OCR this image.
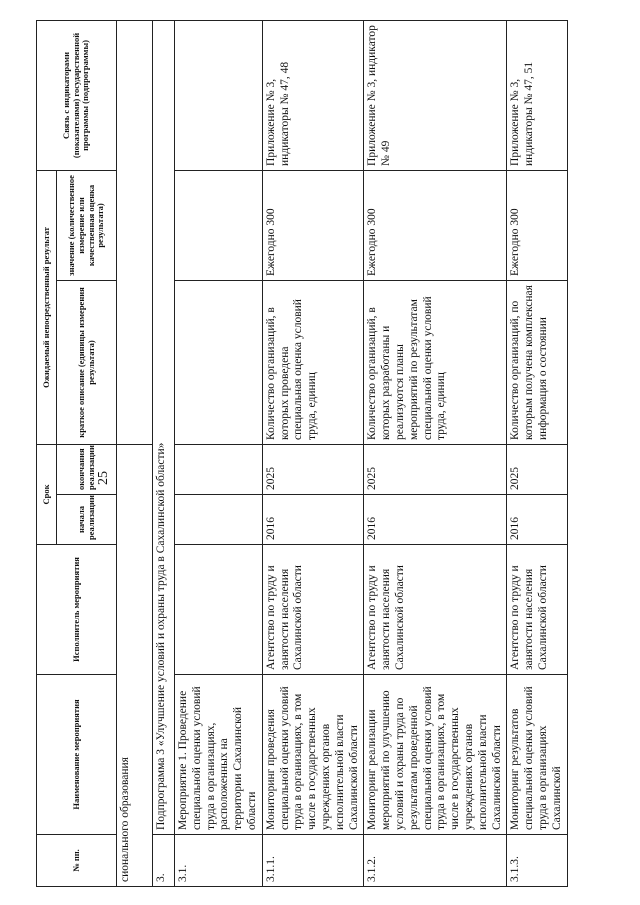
25
№ пп.	Наименование мероприятия	Исполнитель мероприятия	Срок		Ожидаемый непосредственный результат		Связь с индикаторами (показателями) государственной программы (подпрограммы)
			начала реализации	окончания реализации	краткое описание (единицы измерения результата)	значение (количественное измерение или качественная оценка результата)	
сионального образования							
3.	Подпрограмма 3 «Улучшение условий и охраны труда в Сахалинской области»						
3.1.	Мероприятие 1. Проведение специальной оценки условий труда в организациях, расположенных на территории Сахалинской области						
3.1.1.	Мониторинг проведения специальной оценки условий труда в организациях, в том числе в государственных учреждениях органов исполнительной власти Сахалинской области	Агентство по труду и занятости населения Сахалинской области	2016	2025	Количество организаций, в которых проведена специальная оценка условий труда, единиц	Ежегодно 300	Приложение № 3, индикаторы № 47, 48
3.1.2.	Мониторинг реализации мероприятий по улучшению условий и охраны труда по результатам проведенной специальной оценки условий труда в организациях, в том числе в государственных учреждениях органов исполнительной власти Сахалинской области	Агентство по труду и занятости населения Сахалинской области	2016	2025	Количество организаций, в которых разработаны и реализуются планы мероприятий по результатам специальной оценки условий труда, единиц	Ежегодно 300	Приложение № 3, индикатор № 49
3.1.3.	Мониторинг результатов специальной оценки условий труда в организациях Сахалинской	Агентство по труду и занятости населения Сахалинской области	2016	2025	Количество организаций, по которым получена комплексная информация о состоянии	Ежегодно 300	Приложение № 3, индикаторы № 47, 51
